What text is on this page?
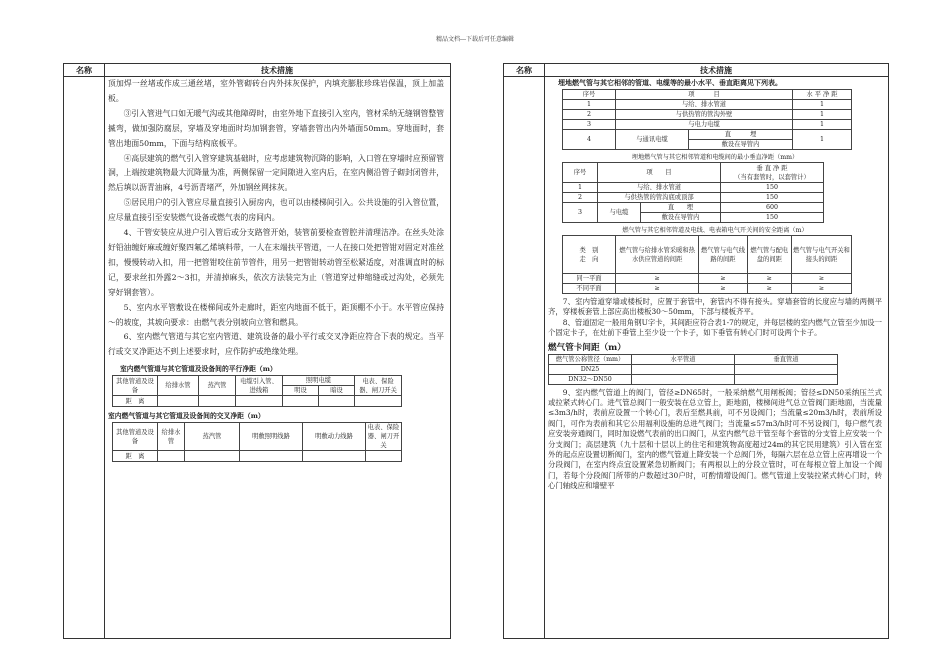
精品文档---下载后可任意编辑
名称	技术措施

顶加焊一丝堵或作成三通丝堵，室外管砌砖台内外抹灰保护，内填充膨胀珍珠岩保温，顶上加盖板。

③引入管进气口如无暖气沟或其他障碍时，由室外地下直接引入室内，管材采纳无缝钢管整管揻弯，做加强防腐层，穿墙及穿地面时均加钢套管，穿墙套管出内外墙面50mm。穿地面时，套管出地面50mm，下面与结构底板平。

④高层建筑的燃气引入管穿建筑基础时，应考虑建筑物沉降的影响，入口管在穿墙时应预留管洞，上端按建筑物最大沉降量为准，两侧保留一定间隙进入室内后，在室内侧沿管子砌封闭管井，然后填以沥青油麻，4号沥青堵严，外加钢丝网抹灰。

⑤居民用户的引入管应尽量直接引入厨房内，也可以由楼梯间引入。公共设施的引入管位置，应尽量直接引至安装燃气设备或燃气表的房间内。

4、干管安装应从进户引入管后或分支路管开始，装管前要检查管腔并清理洁净。在丝头处涂好铅油缠好麻或缠好聚四氟乙烯填料带，一人在末端扶平管道，一人在接口处把管钳对固定对准丝扣，慢慢转动入扣，用一把管钳咬住前节管件，用另一把管钳转动管至松紧适度，对准调直时的标记，要求丝扣外露2～3扣，并清掉麻头，依次方法装完为止（管道穿过伸缩缝或过沟处，必须先穿好钢套管）。

5、室内水平管敷设在楼梯间或外走廊时，距室内地面不低于，距顶棚不小于。水平管应保持～的坡度，其坡向要求：由燃气表分别坡向立管和燃具。

6、室内燃气管道与其它室内管道、建筑设备的最小平行或交叉净距应符合下表的规定。当平行或交叉净距达不到上述要求时，应作防护或绝缘处理。

室内燃气管道与其它管道及设备间的平行净距（m）
其他管道及设备	给排水管	蒸汽管	电缆引入管、进线箱	照明电缆		电表、保险器、闸刀开关
				明设	暗设	
距　离						
室内燃气管道与其它管道及设备间的交叉净距（m）
其他管道及设备	给排水管	蒸汽管	明敷照明线路	明敷动力线路	电表、保险器、闸刀开关
距　离					
名称	技术措施
埋地燃气管与其它相邻的管道、电缆等的最小水平、垂直距离见下列表。
序号	项　　　目		水 平 净 距
1	与给、排水管道		1
2	与供热管的管沟外壁		1
3	与电力电缆		1
4	与通讯电缆	直　　　埋	1
		敷设在导管内	
埋地燃气管与其它相邻管道和电缆间的最小垂直净距（mm）
序号	项　　目		垂 直 净 距
（当有套管时，以套管计）

1	与给、排水管道		150
2	与供热管的管沟底或顶部		150
3	与电缆	直　　埋	600
		敷设在导管内	150
燃气管与其它相邻管道及电线、电表箱电气开关间的安全距离（m）
类　别
走　向	燃气管与给排水管采暖和热水供应管道的间距	燃气管与电气线路的间距	燃气管与配电盘的间距	燃气管与电气开关和接头的间距
同一平面	≥	≥	≥	≥
不同平面	≥	≥	≥	≥

7、室内管道穿墙或楼板时，应置于套管中，套管内不得有接头。穿墙套管的长度应与墙的两侧平齐，穿楼板套管上部应高出楼板30～50mm，下部与楼板齐平。

8、管道固定一般用角钢U字卡，其间距应符合表1-7的规定，并每层楼的室内燃气立管至少加设一个固定卡子，在灶前下垂管上至少设一个卡子，如下垂管有转心门时可设两个卡子。

燃气管卡间距（m）
燃气管公称管径（mm）	水平管道	垂直管道
DN25		
DN32～DN50		

9、室内燃气管道上的阀门，管径≥DN65时，一般采纳燃气用闸板阀；管径≤DN50采纳压兰式或拉紧式转心门。进气管总阀门一般安装在总立管上，距地面，楼梯间进气总立管阀门距地面，当流量≤3m3/h时，表前应设置一个转心门，表后至燃具前，可不另设阀门；当流量≤20m3/h时，表前所设阀门，可作为表前和其它公用福利设施的总进气阀门；当流量≤57m3/h时可不另设阀门，每户燃气表应安装旁通阀门，同时加设燃气表前的出口阀门，从室内燃气总干管至每个套管的分支管上应安装一个分支阀门；高层建筑（九十层和十层以上的住宅和建筑物高度超过24m的其它民用建筑）引入管在室外的起点应设置切断阀门，室内的燃气管道上降安装一个总阀门外，每隔六层在总立管上应再增设一个分段阀门，在室内终点宜设置紧急切断阀门；有两根以上的分段立管时，可在每根立管上加设一个阀门，若每个分段阀门所带的户数超过30户时，可酌情增设阀门。燃气管道上安装拉紧式转心门时，转心门轴线应和墙壁平
